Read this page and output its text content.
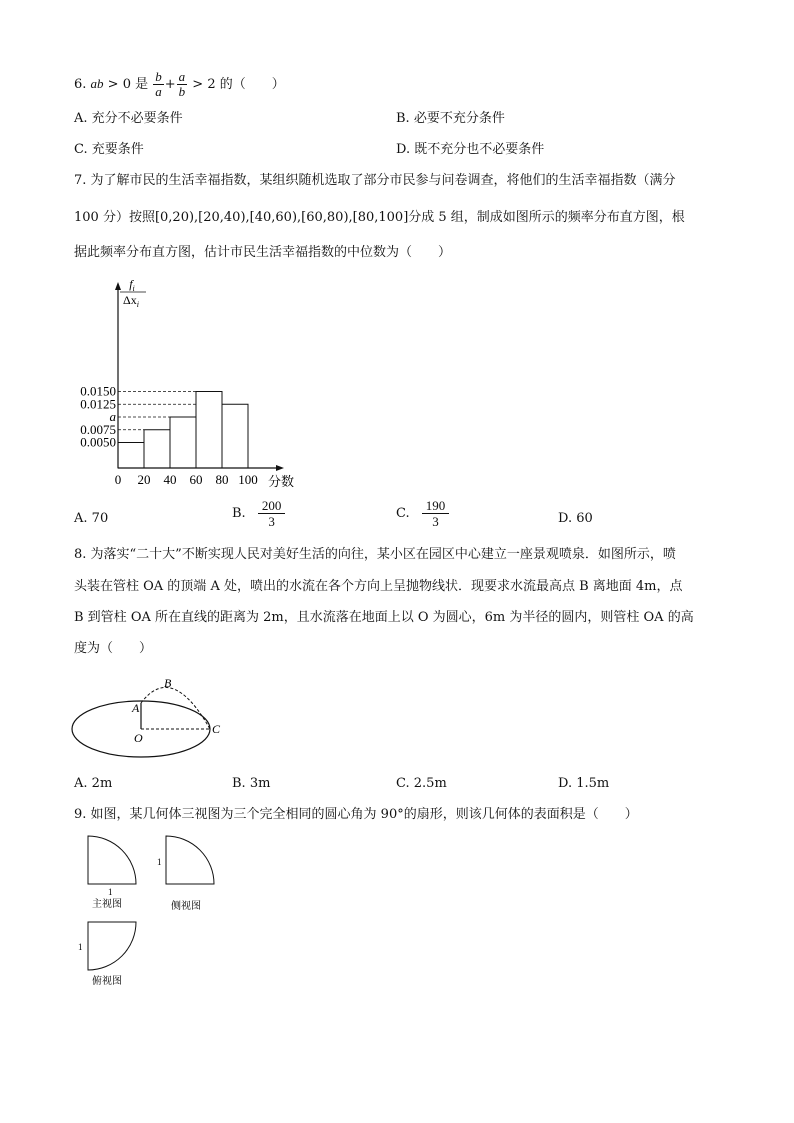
6. ab > 0 是 $\frac{b}{a} + \frac{a}{b} > 2$ 的（　　）
A. 充分不必要条件	B. 必要不充分条件
C. 充要条件	D. 既不充分也不必要条件
7. 为了解市民的生活幸福指数，某组织随机选取了部分市民参与问卷调查，将他们的生活幸福指数（满分
100 分）按照[0,20),[20,40),[40,60),[60,80),[80,100]分成 5 组，制成如图所示的频率分布直方图，根
据此频率分布直方图，估计市民生活幸福指数的中位数为（　　）
$f_i$
$\Delta x_i$
0.0150
0.0125
a
0.0075
0.0050
0 20 40 60 80 100 分数
A. 70	B. $\frac{200}{3}$	C. $\frac{190}{3}$	D. 60
8. 为落实“二十大”不断实现人民对美好生活的向往，某小区在园区中心建立一座景观喷泉．如图所示，喷
头装在管柱 OA 的顶端 A 处，喷出的水流在各个方向上呈抛物线状．现要求水流最高点 B 离地面 4m，点
B 到管柱 OA 所在直线的距离为 2m，且水流落在地面上以 O 为圆心，6m 为半径的圆内，则管柱 OA 的高
度为（　　）
A
B
C
O
A. 2m	B. 3m	C. 2.5m	D. 1.5m
9. 如图，某几何体三视图为三个完全相同的圆心角为 90°的扇形，则该几何体的表面积是（　　）
1
主视图
1
侧视图
1
俯视图
